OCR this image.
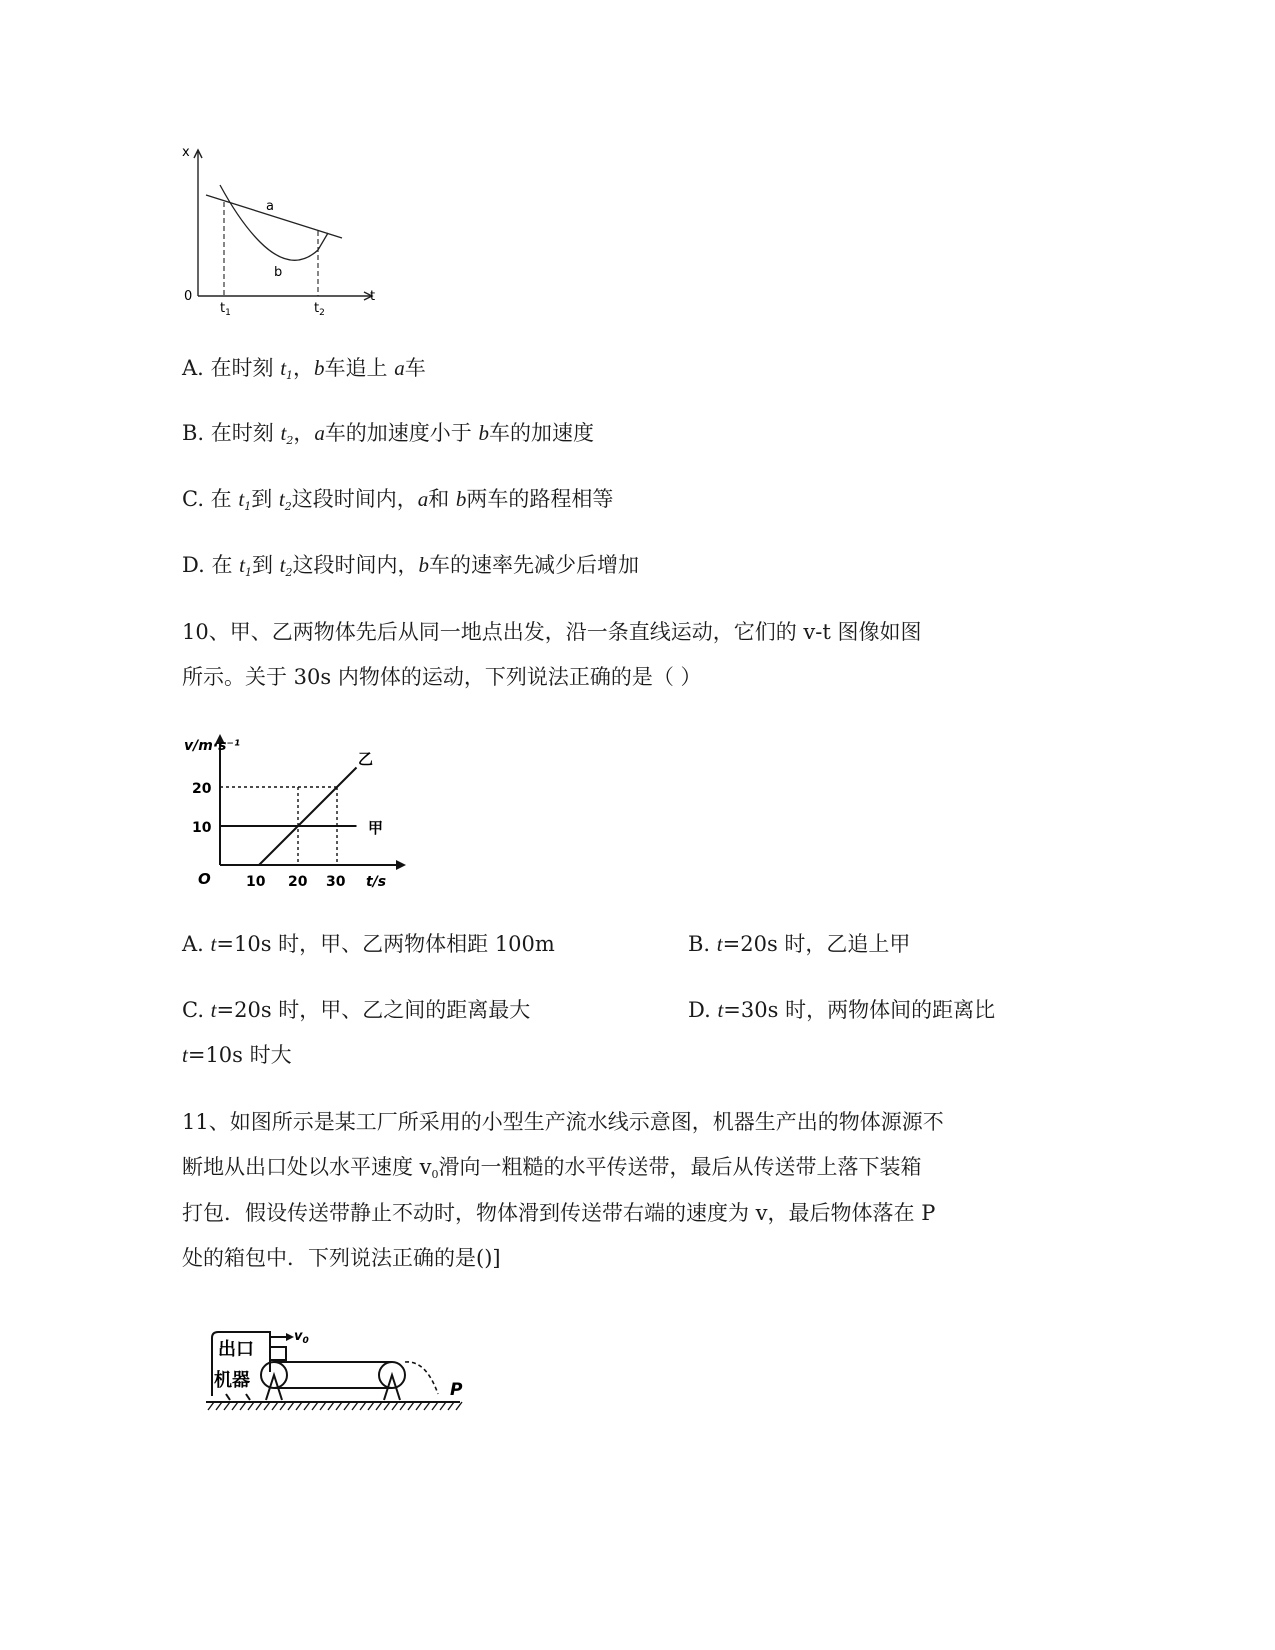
x
t
0
a
b
$t_1$	$t_2$
A. 在时刻 $t_1$，b车追上 a车
B. 在时刻 $t_2$，a车的加速度小于 b车的加速度
C. 在 $t_1$到 $t_2$这段时间内，a和 b两车的路程相等
D. 在 $t_1$到 $t_2$这段时间内，b车的速率先减少后增加
10、甲、乙两物体先后从同一地点出发，沿一条直线运动，它们的 v-t 图像如图
所示。关于 30s 内物体的运动，下列说法正确的是（ ）
v/m·s⁻¹
t/s
O
20
10
10 20 30
甲
乙
A. t=10s 时，甲、乙两物体相距 100m	B. t=20s 时，乙追上甲
C. t=20s 时，甲、乙之间的距离最大	D. t=30s 时，两物体间的距离比
t=10s 时大
11、如图所示是某工厂所采用的小型生产流水线示意图，机器生产出的物体源源不
断地从出口处以水平速度 $v_0$滑向一粗糙的水平传送带，最后从传送带上落下装箱
打包．假设传送带静止不动时，物体滑到传送带右端的速度为 v，最后物体落在 P
处的箱包中．下列说法正确的是()]
出口
机器
$v_0$
P
